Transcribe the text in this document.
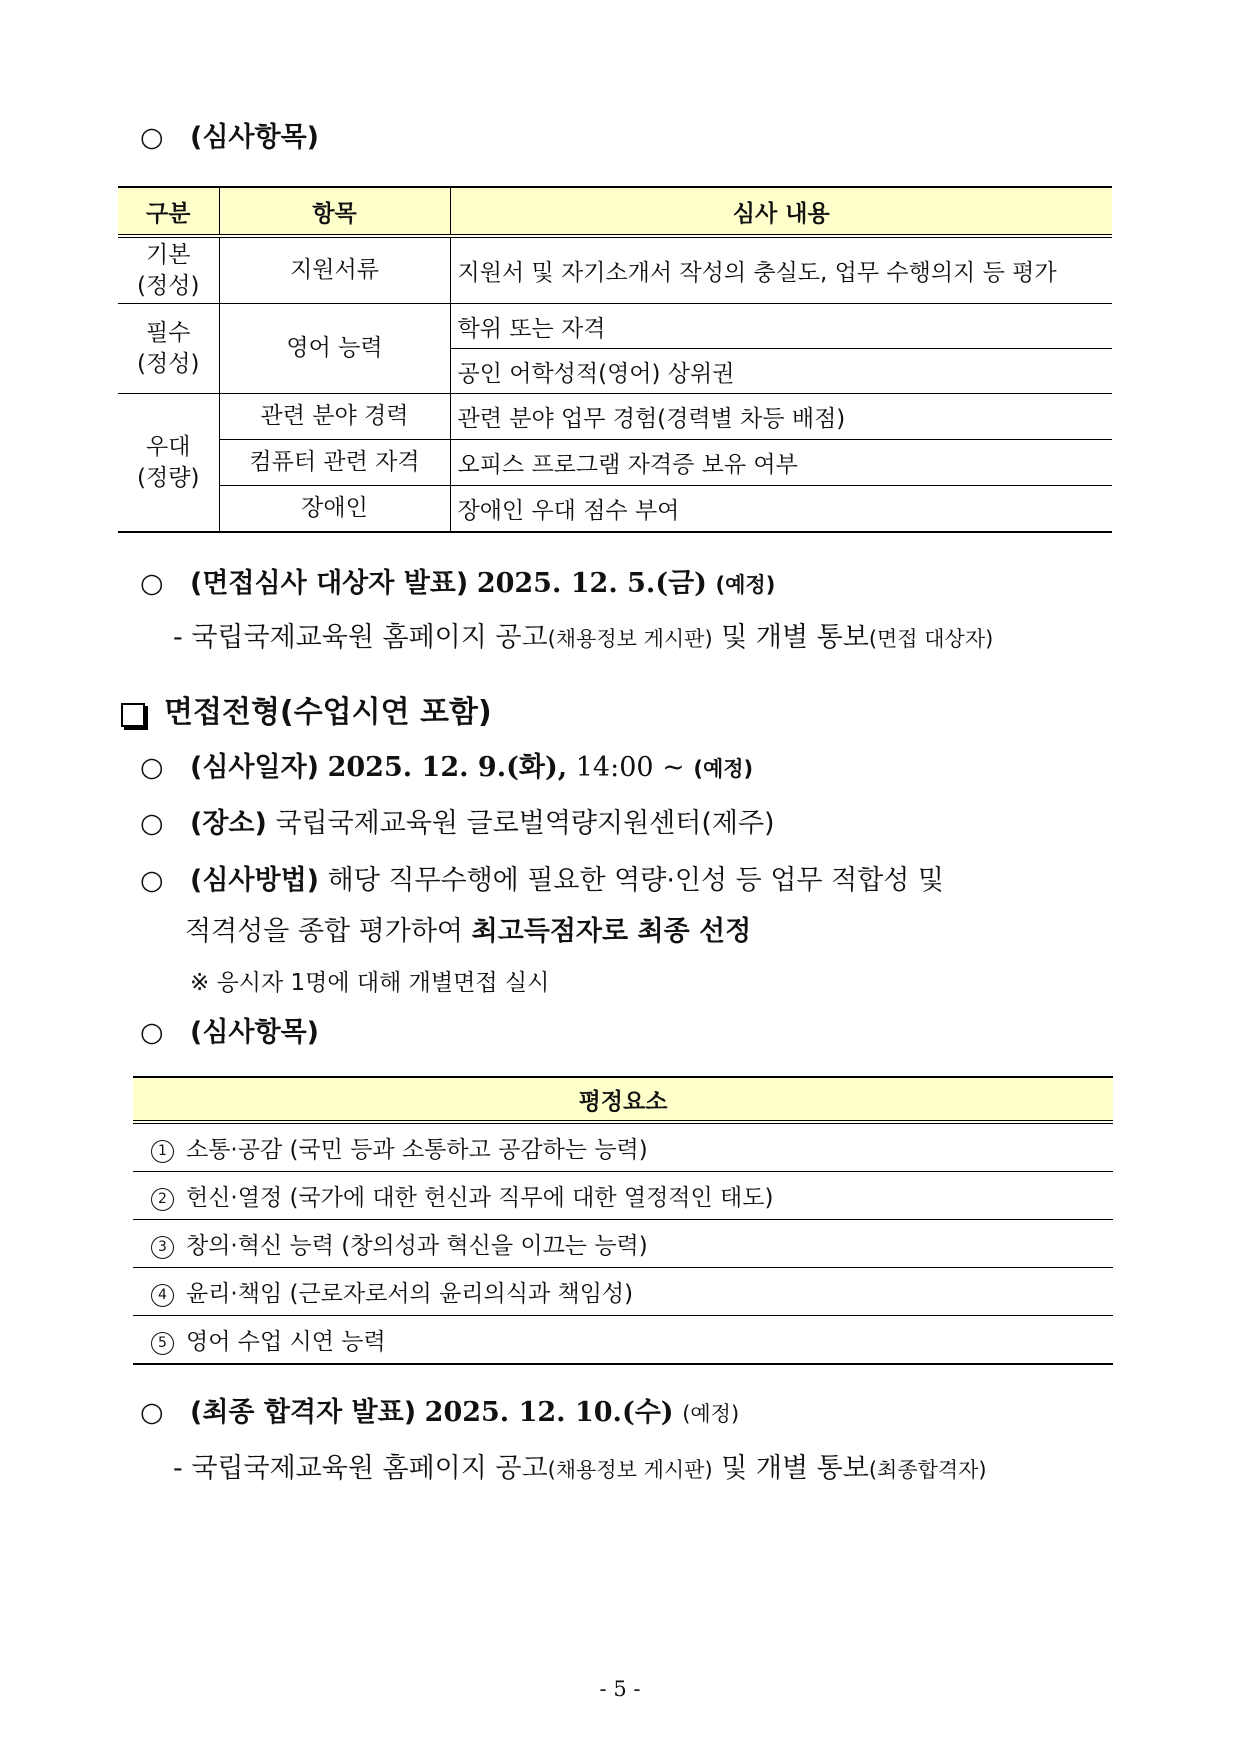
○ (심사항목)
구분	항목	심사 내용
기본
(정성)	지원서류	지원서 및 자기소개서 작성의 충실도, 업무 수행의지 등 평가
필수
(정성)	영어 능력	학위 또는 자격
		공인 어학성적(영어) 상위권
우대
(정량)	관련 분야 경력	관련 분야 업무 경험(경력별 차등 배점)
	컴퓨터 관련 자격	오피스 프로그램 자격증 보유 여부
	장애인	장애인 우대 점수 부여
○ (면접심사 대상자 발표) 2025. 12. 5.(금) (예정)
- 국립국제교육원 홈페이지 공고(채용정보 게시판) 및 개별 통보(면접 대상자)
면접전형(수업시연 포함)
○ (심사일자) 2025. 12. 9.(화), 14:00 ~ (예정)
○ (장소) 국립국제교육원 글로벌역량지원센터(제주)
○ (심사방법) 해당 직무수행에 필요한 역량·인성 등 업무 적합성 및
적격성을 종합 평가하여 최고득점자로 최종 선정
※ 응시자 1명에 대해 개별면접 실시
○ (심사항목)
평정요소
1 소통·공감 (국민 등과 소통하고 공감하는 능력)
2 헌신·열정 (국가에 대한 헌신과 직무에 대한 열정적인 태도)
3 창의·혁신 능력 (창의성과 혁신을 이끄는 능력)
4 윤리·책임 (근로자로서의 윤리의식과 책임성)
5 영어 수업 시연 능력
○ (최종 합격자 발표) 2025. 12. 10.(수) (예정)
- 국립국제교육원 홈페이지 공고(채용정보 게시판) 및 개별 통보(최종합격자)
- 5 -
